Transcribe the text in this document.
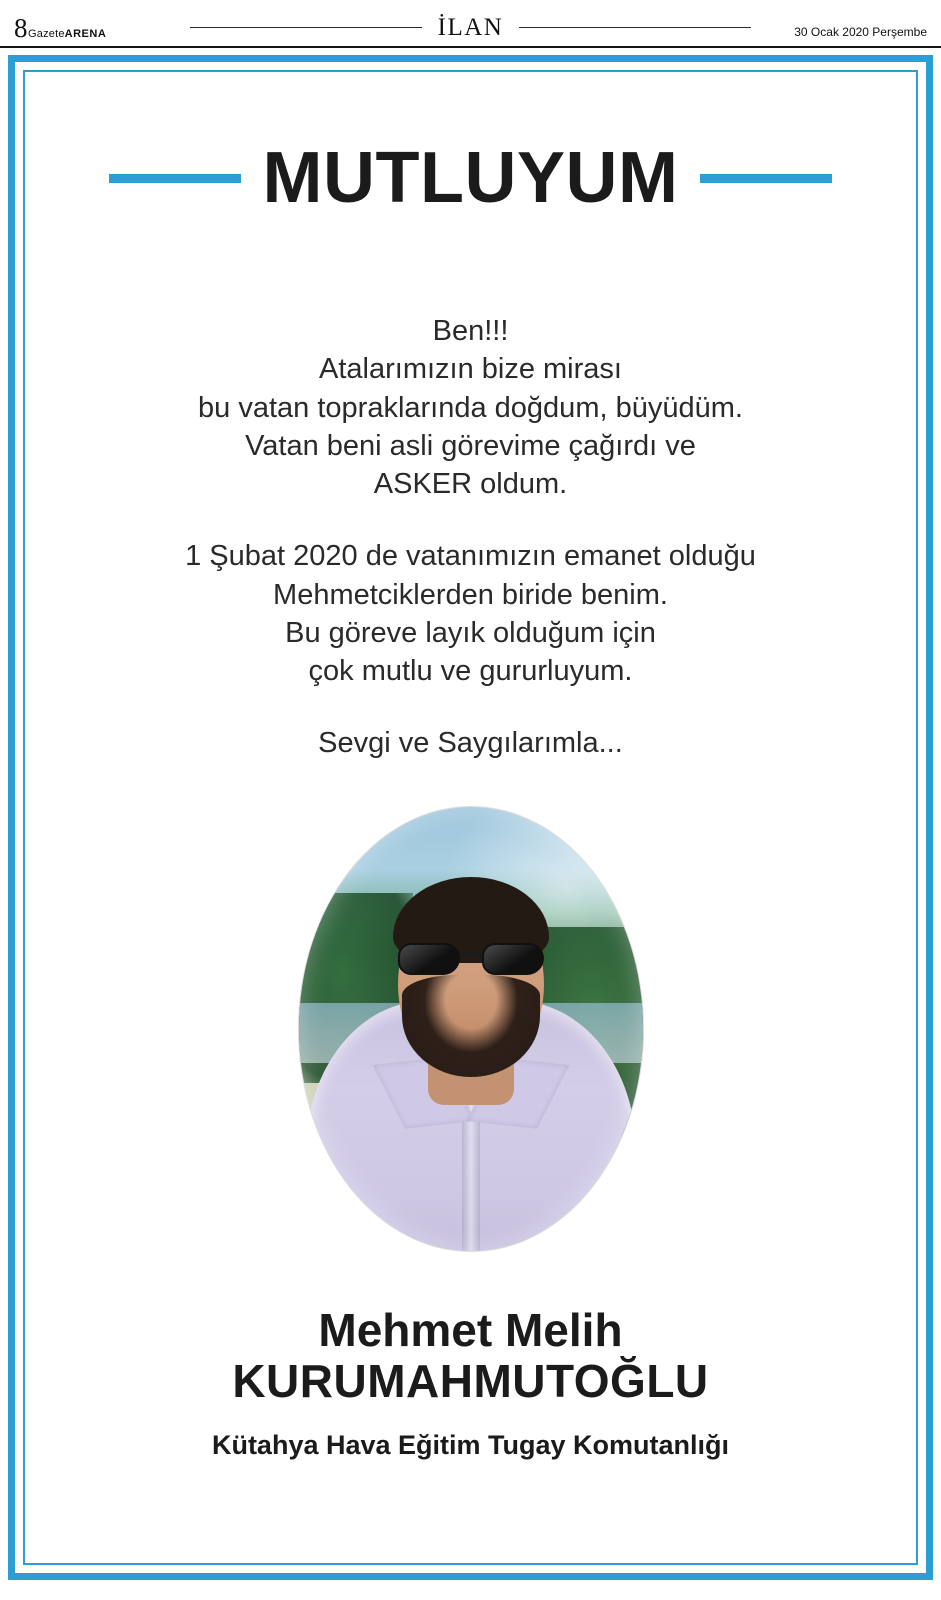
8 GazeteARENA	İLAN	30 Ocak 2020 Perşembe
MUTLUYUM

Ben!!!

Atalarımızın bize mirası

bu vatan topraklarında doğdum, büyüdüm.

Vatan beni asli görevime çağırdı ve

ASKER oldum.

1 Şubat 2020 de vatanımızın emanet olduğu

Mehmetciklerden biride benim.

Bu göreve layık olduğum için

çok mutlu ve gururluyum.

Sevgi ve Saygılarımla...

Mehmet Melih
KURUMAHMUTOĞLU
Kütahya Hava Eğitim Tugay Komutanlığı
